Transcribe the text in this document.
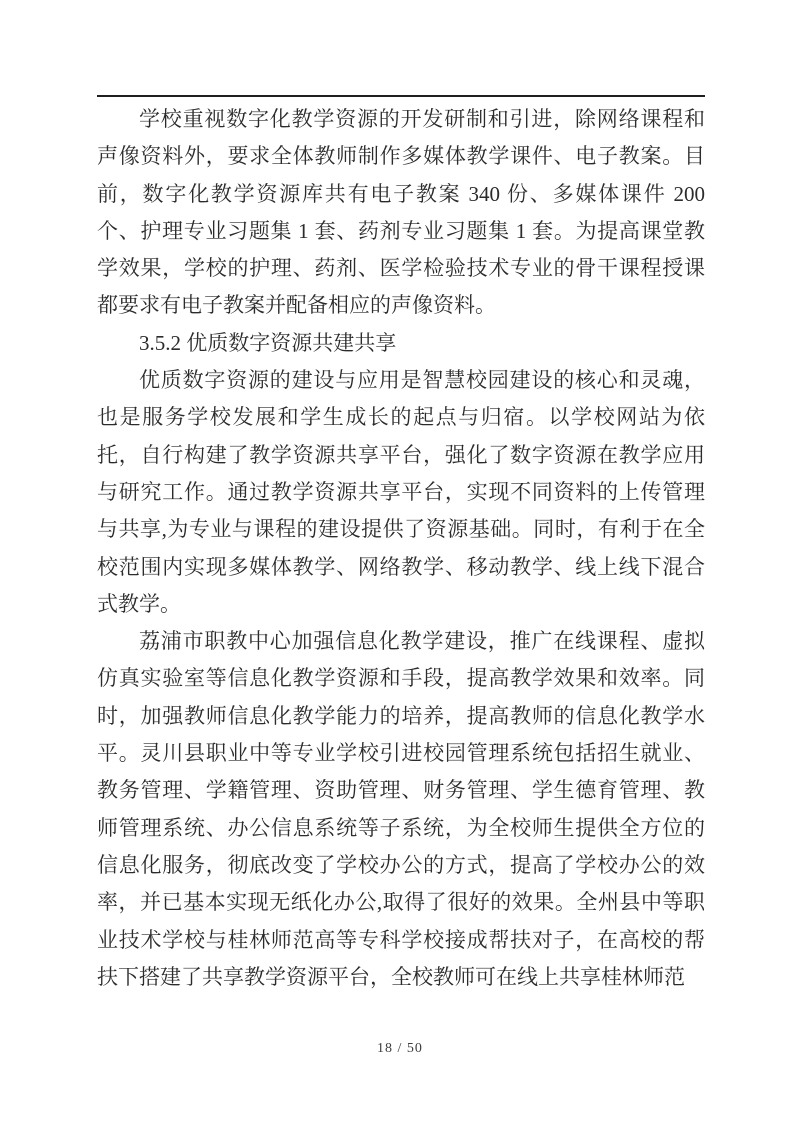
学校重视数字化教学资源的开发研制和引进，除网络课程和声像资料外，要求全体教师制作多媒体教学课件、电子教案。目前，数字化教学资源库共有电子教案 340 份、多媒体课件 200 个、护理专业习题集 1 套、药剂专业习题集 1 套。为提高课堂教学效果，学校的护理、药剂、医学检验技术专业的骨干课程授课都要求有电子教案并配备相应的声像资料。

3.5.2 优质数字资源共建共享

优质数字资源的建设与应用是智慧校园建设的核心和灵魂，也是服务学校发展和学生成长的起点与归宿。以学校网站为依托，自行构建了教学资源共享平台，强化了数字资源在教学应用与研究工作。通过教学资源共享平台，实现不同资料的上传管理与共享,为专业与课程的建设提供了资源基础。同时，有利于在全校范围内实现多媒体教学、网络教学、移动教学、线上线下混合式教学。

荔浦市职教中心加强信息化教学建设，推广在线课程、虚拟仿真实验室等信息化教学资源和手段，提高教学效果和效率。同时，加强教师信息化教学能力的培养，提高教师的信息化教学水平。灵川县职业中等专业学校引进校园管理系统包括招生就业、教务管理、学籍管理、资助管理、财务管理、学生德育管理、教师管理系统、办公信息系统等子系统，为全校师生提供全方位的信息化服务，彻底改变了学校办公的方式，提高了学校办公的效率，并已基本实现无纸化办公,取得了很好的效果。全州县中等职业技术学校与桂林师范高等专科学校接成帮扶对子，在高校的帮扶下搭建了共享教学资源平台，全校教师可在线上共享桂林师范

18 / 50
